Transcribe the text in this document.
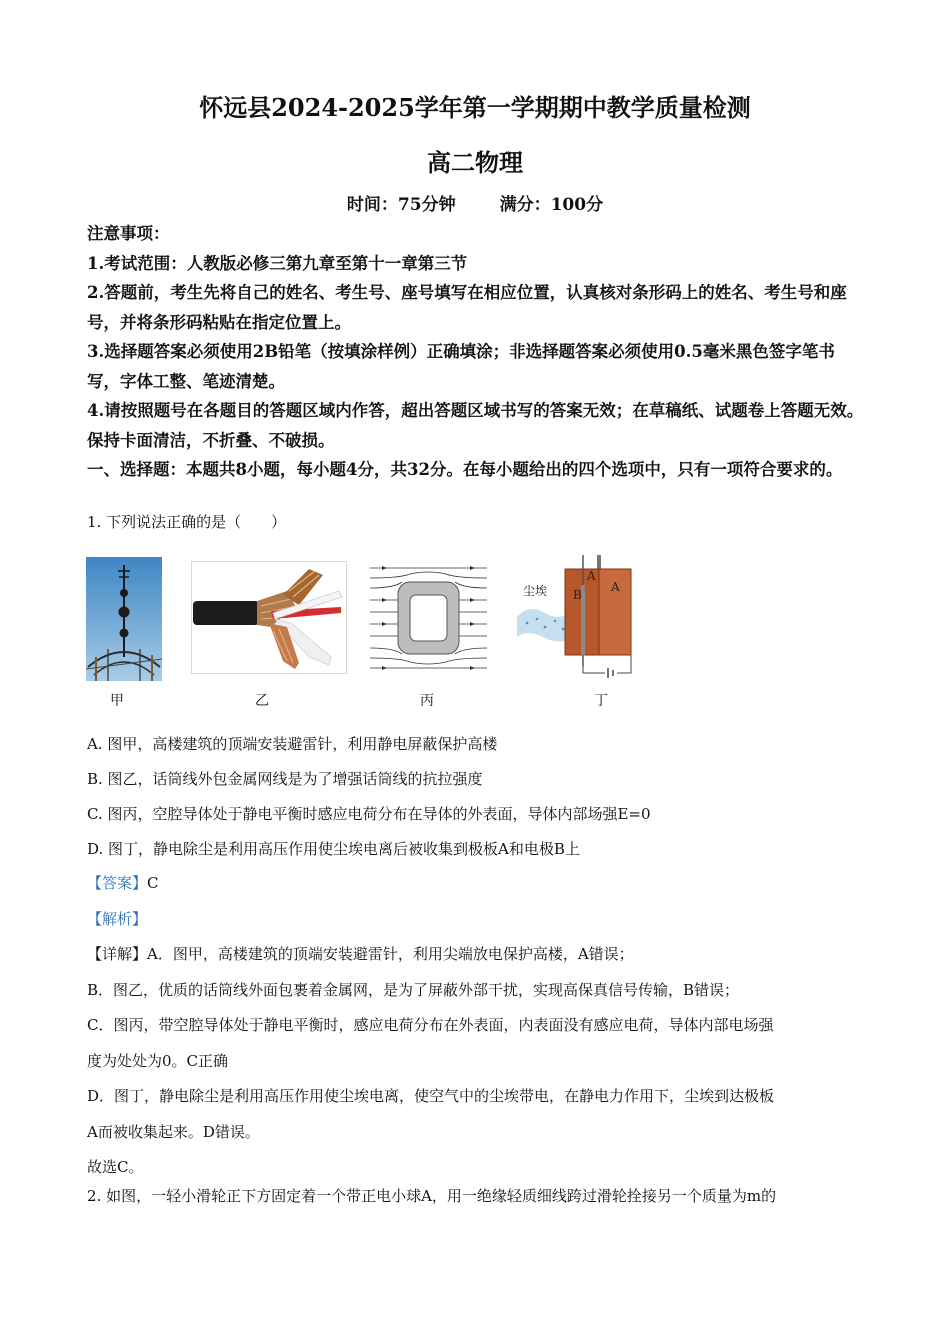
怀远县2024-2025学年第一学期期中教学质量检测
高二物理
时间：75分钟	满分：100分

注意事项：

1.考试范围：人教版必修三第九章至第十一章第三节

2.答题前，考生先将自己的姓名、考生号、座号填写在相应位置，认真核对条形码上的姓名、考生号和座号，并将条形码粘贴在指定位置上。

3.选择题答案必须使用2B铅笔（按填涂样例）正确填涂；非选择题答案必须使用0.5毫米黑色签字笔书写，字体工整、笔迹清楚。

4.请按照题号在各题目的答题区域内作答，超出答题区域书写的答案无效；在草稿纸、试题卷上答题无效。保持卡面清洁，不折叠、不破损。

一、选择题：本题共8小题，每小题4分，共32分。在每小题给出的四个选项中，只有一项符合要求的。

1. 下列说法正确的是（　　）
尘埃
A
A
B
甲	乙	丙	丁

A. 图甲，高楼建筑的顶端安装避雷针，利用静电屏蔽保护高楼

B. 图乙，话筒线外包金属网线是为了增强话筒线的抗拉强度

C. 图丙，空腔导体处于静电平衡时感应电荷分布在导体的外表面，导体内部场强E=0

D. 图丁，静电除尘是利用高压作用使尘埃电离后被收集到极板A和电极B上

【答案】C

【解析】

【详解】A．图甲，高楼建筑的顶端安装避雷针，利用尖端放电保护高楼，A错误；

B．图乙，优质的话筒线外面包裹着金属网，是为了屏蔽外部干扰，实现高保真信号传输，B错误；

C．图丙，带空腔导体处于静电平衡时，感应电荷分布在外表面，内表面没有感应电荷，导体内部电场强

度为处处为0。C正确

D．图丁，静电除尘是利用高压作用使尘埃电离，使空气中的尘埃带电，在静电力作用下，尘埃到达极板

A而被收集起来。D错误。

故选C。

2. 如图，一轻小滑轮正下方固定着一个带正电小球A，用一绝缘轻质细线跨过滑轮拴接另一个质量为m的
